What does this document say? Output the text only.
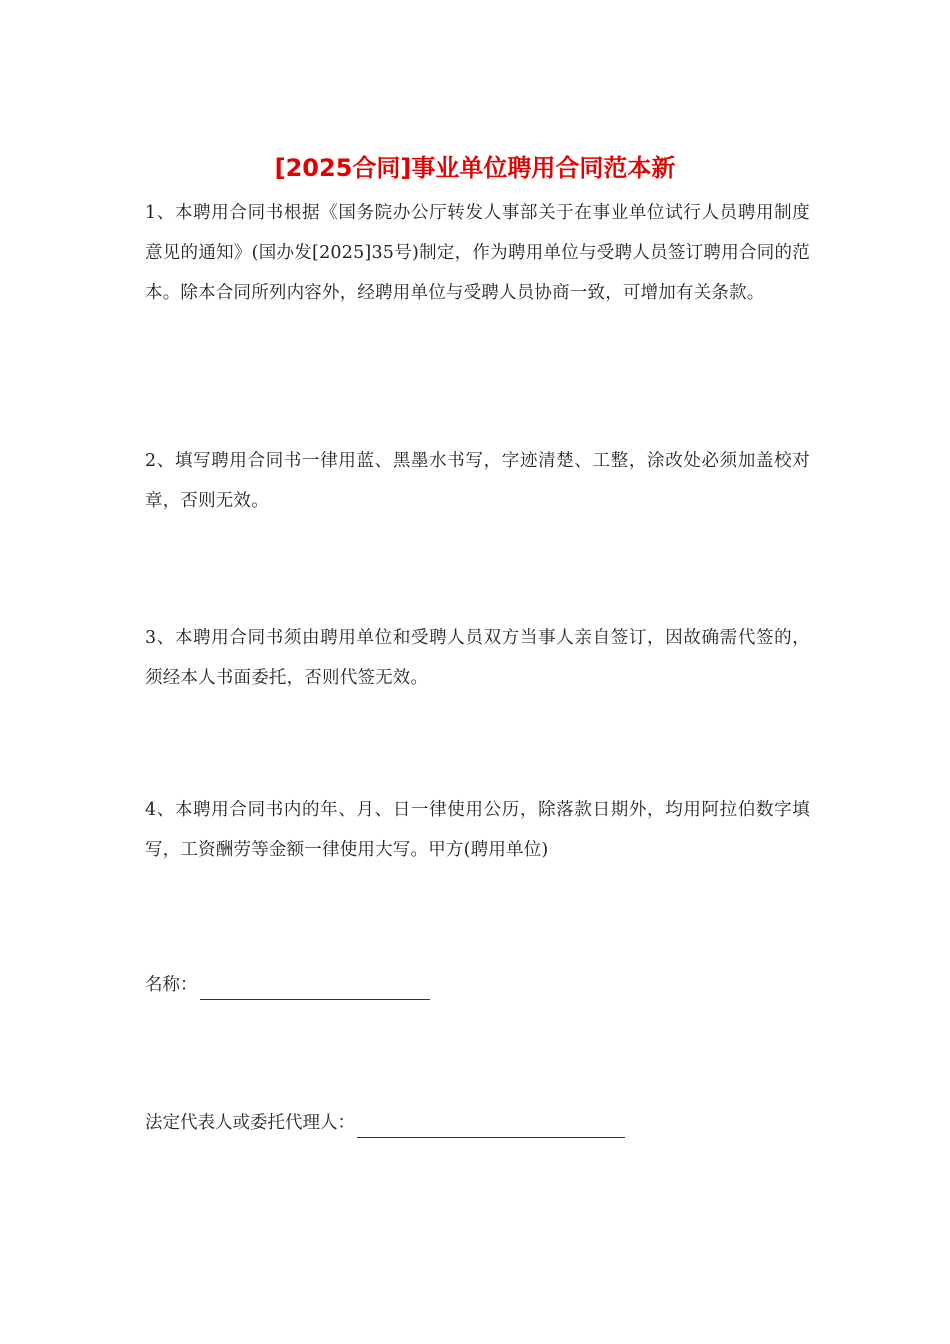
[2025合同]事业单位聘用合同范本新

1、本聘用合同书根据《国务院办公厅转发人事部关于在事业单位试行人员聘用制度意见的通知》(国办发[2025]35号)制定，作为聘用单位与受聘人员签订聘用合同的范本。除本合同所列内容外，经聘用单位与受聘人员协商一致，可增加有关条款。

2、填写聘用合同书一律用蓝、黑墨水书写，字迹清楚、工整，涂改处必须加盖校对章，否则无效。

3、本聘用合同书须由聘用单位和受聘人员双方当事人亲自签订，因故确需代签的，须经本人书面委托，否则代签无效。

4、本聘用合同书内的年、月、日一律使用公历，除落款日期外，均用阿拉伯数字填写，工资酬劳等金额一律使用大写。甲方(聘用单位)

名称：
法定代表人或委托代理人：
